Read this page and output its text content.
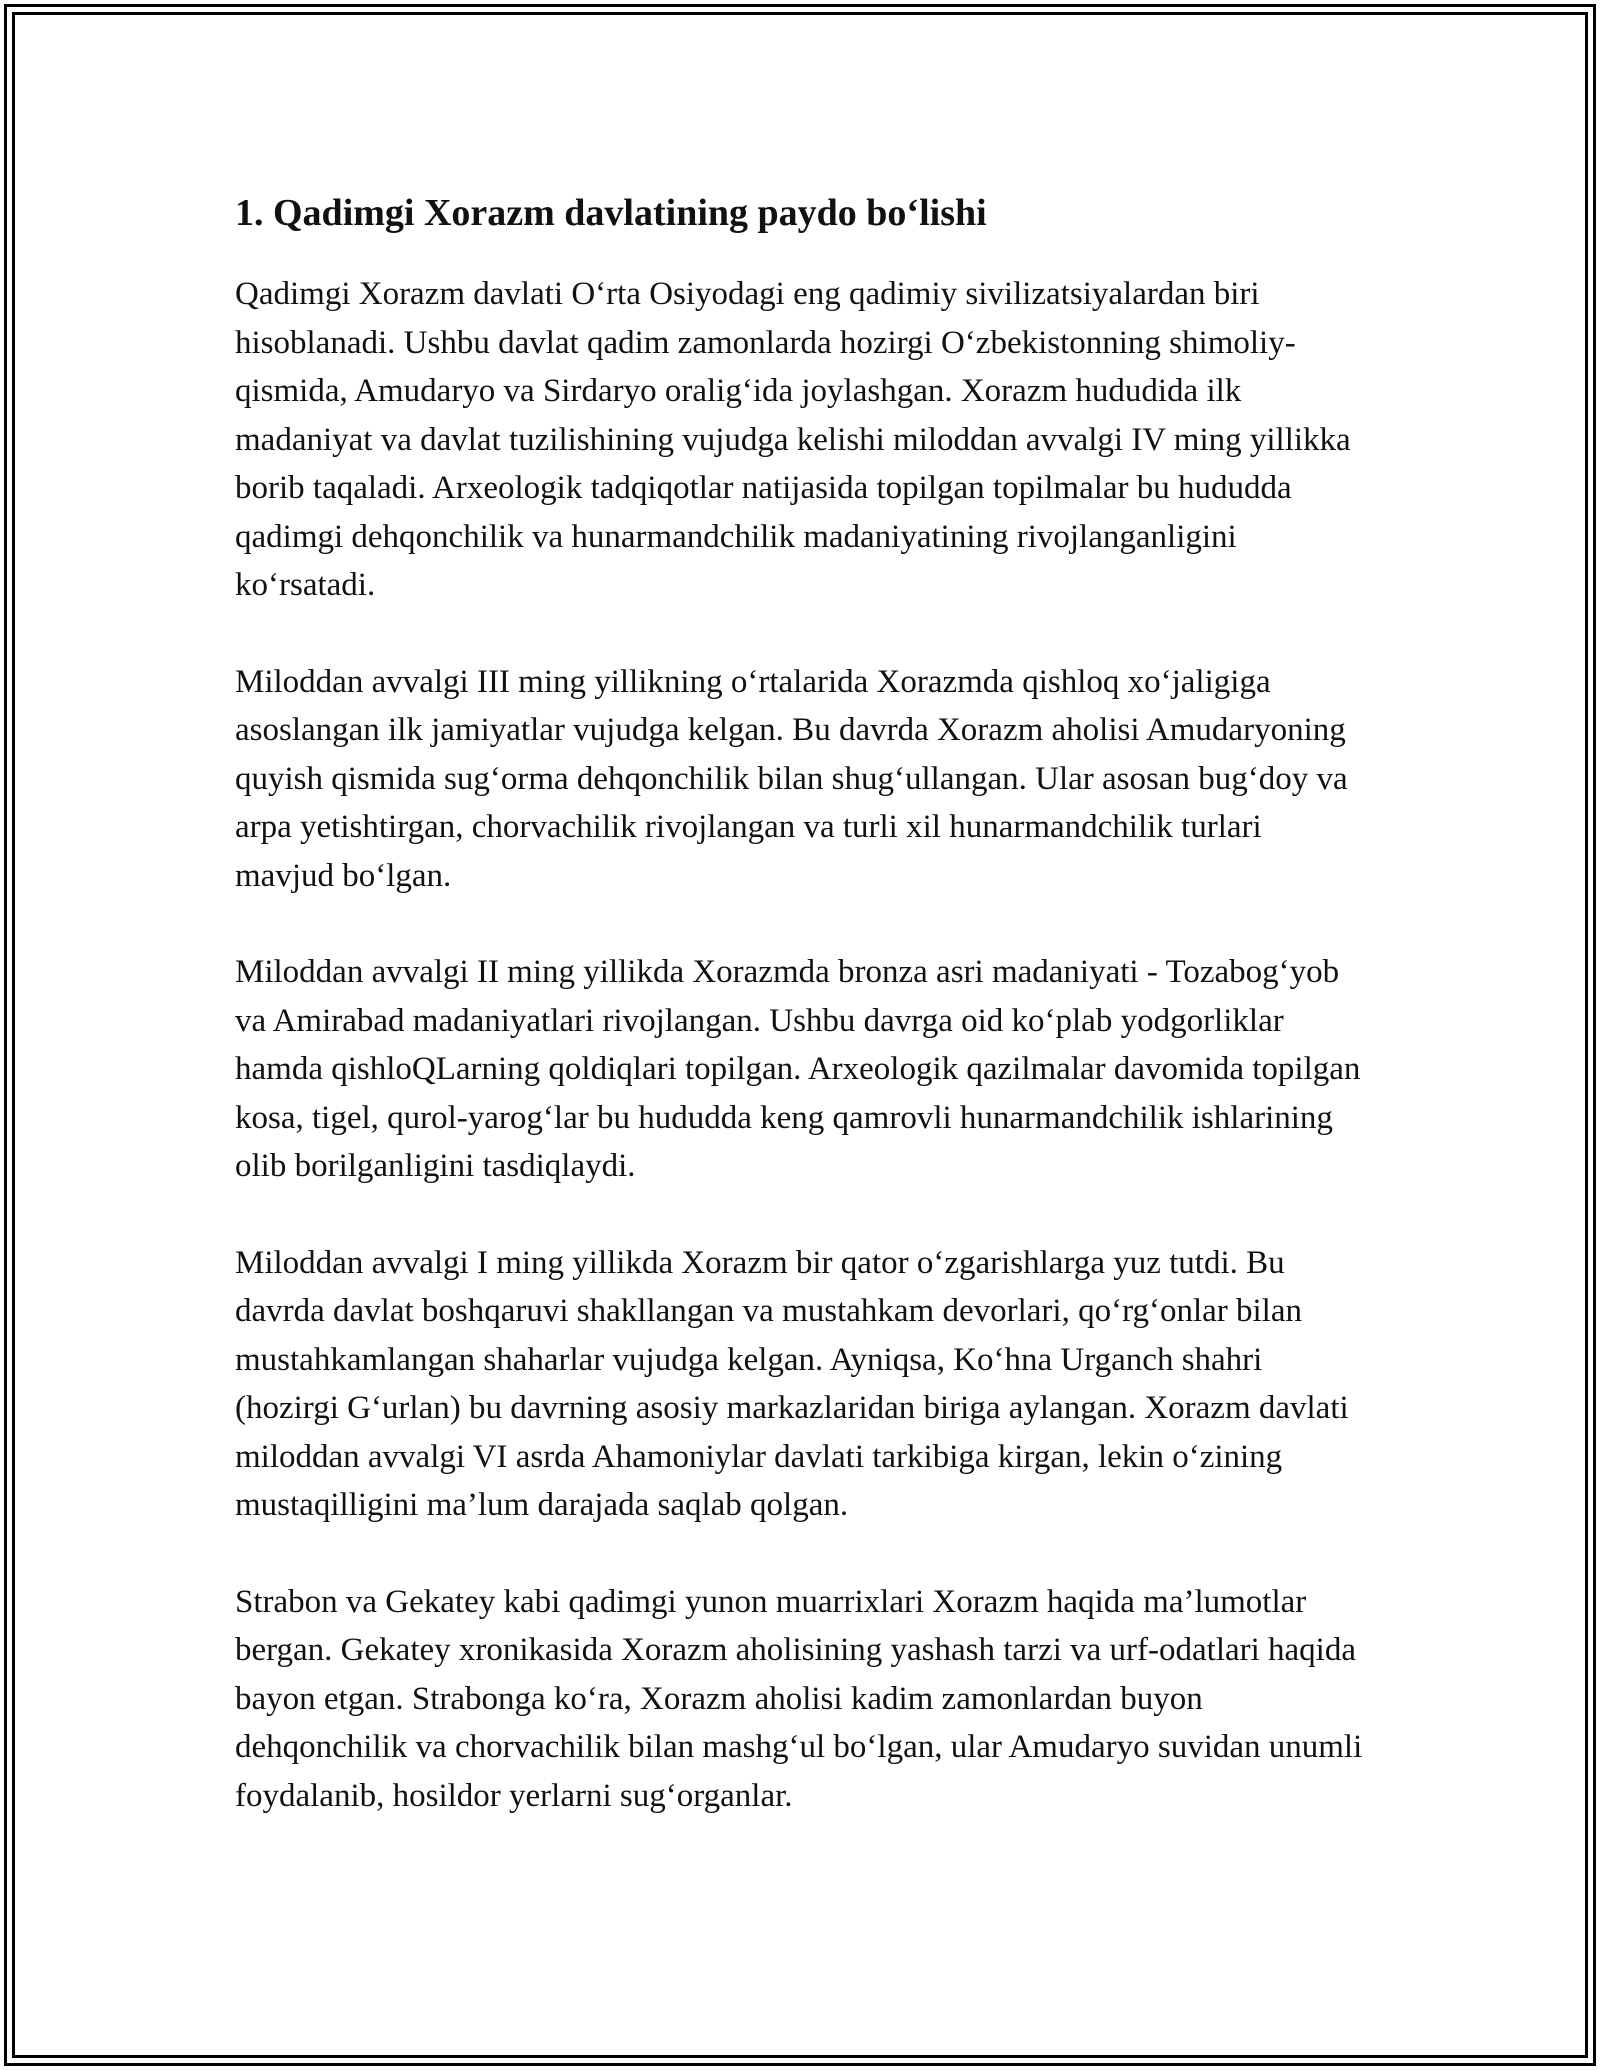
1. Qadimgi Xorazm davlatining paydo bo‘lishi

Qadimgi Xorazm davlati O‘rta Osiyodagi eng qadimiy sivilizatsiyalardan biri hisoblanadi. Ushbu davlat qadim zamonlarda hozirgi O‘zbekistonning shimoliy-qismida, Amudaryo va Sirdaryo oralig‘ida joylashgan. Xorazm hududida ilk madaniyat va davlat tuzilishining vujudga kelishi miloddan avvalgi IV ming yillikka borib taqaladi. Arxeologik tadqiqotlar natijasida topilgan topilmalar bu hududda qadimgi dehqonchilik va hunarmandchilik madaniyatining rivojlanganligini ko‘rsatadi.

Miloddan avvalgi III ming yillikning o‘rtalarida Xorazmda qishloq xo‘jaligiga asoslangan ilk jamiyatlar vujudga kelgan. Bu davrda Xorazm aholisi Amudaryoning quyish qismida sug‘orma dehqonchilik bilan shug‘ullangan. Ular asosan bug‘doy va arpa yetishtirgan, chorvachilik rivojlangan va turli xil hunarmandchilik turlari mavjud bo‘lgan.

Miloddan avvalgi II ming yillikda Xorazmda bronza asri madaniyati - Tozabog‘yob va Amirabad madaniyatlari rivojlangan. Ushbu davrga oid ko‘plab yodgorliklar hamda qishloQLarning qoldiqlari topilgan. Arxeologik qazilmalar davomida topilgan kosa, tigel, qurol-yarog‘lar bu hududda keng qamrovli hunarmandchilik ishlarining olib borilganligini tasdiqlaydi.

Miloddan avvalgi I ming yillikda Xorazm bir qator o‘zgarishlarga yuz tutdi. Bu davrda davlat boshqaruvi shakllangan va mustahkam devorlari, qo‘rg‘onlar bilan mustahkamlangan shaharlar vujudga kelgan. Ayniqsa, Ko‘hna Urganch shahri (hozirgi G‘urlan) bu davrning asosiy markazlaridan biriga aylangan. Xorazm davlati miloddan avvalgi VI asrda Ahamoniylar davlati tarkibiga kirgan, lekin o‘zining mustaqilligini ma’lum darajada saqlab qolgan.

Strabon va Gekatey kabi qadimgi yunon muarrixlari Xorazm haqida ma’lumotlar bergan. Gekatey xronikasida Xorazm aholisining yashash tarzi va urf-odatlari haqida bayon etgan. Strabonga ko‘ra, Xorazm aholisi kadim zamonlardan buyon dehqonchilik va chorvachilik bilan mashg‘ul bo‘lgan, ular Amudaryo suvidan unumli foydalanib, hosildor yerlarni sug‘organlar.
